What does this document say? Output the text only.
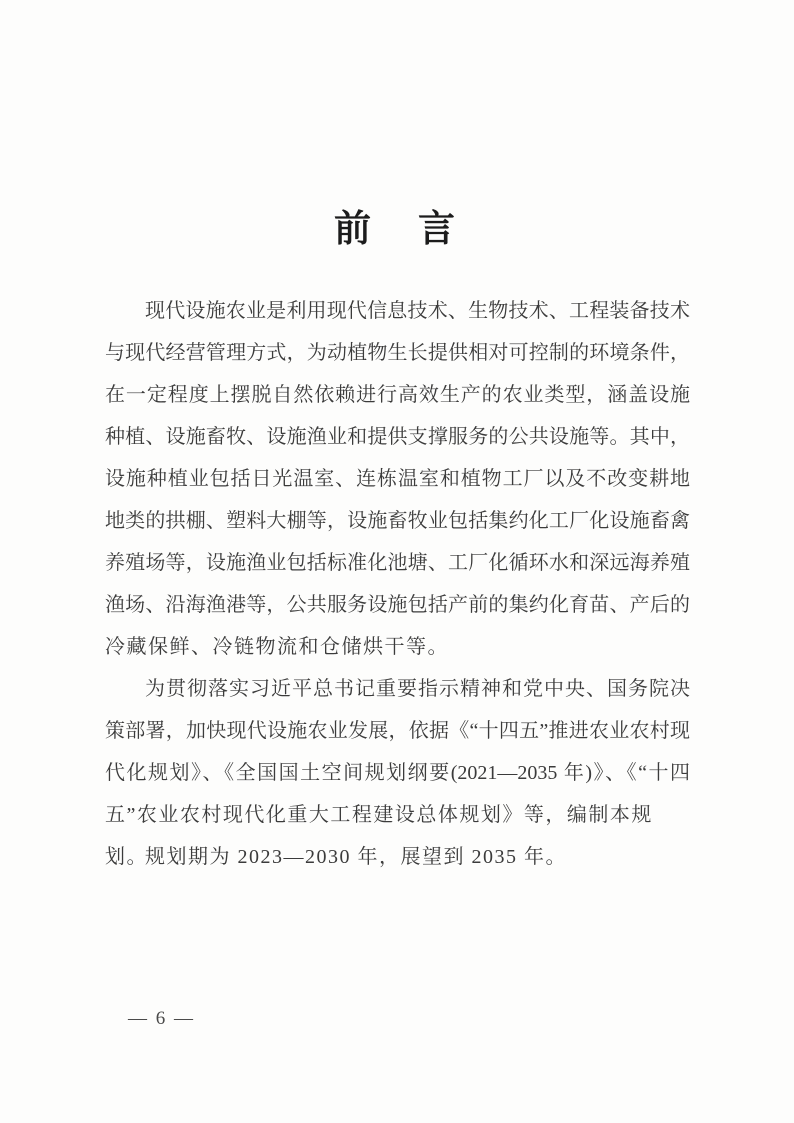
前　言
现代设施农业是利用现代信息技术、生物技术、工程装备技术
与现代经营管理方式，为动植物生长提供相对可控制的环境条件，
在一定程度上摆脱自然依赖进行高效生产的农业类型，涵盖设施
种植、设施畜牧、设施渔业和提供支撑服务的公共设施等。其中，
设施种植业包括日光温室、连栋温室和植物工厂以及不改变耕地
地类的拱棚、塑料大棚等，设施畜牧业包括集约化工厂化设施畜禽
养殖场等，设施渔业包括标准化池塘、工厂化循环水和深远海养殖
渔场、沿海渔港等，公共服务设施包括产前的集约化育苗、产后的
冷藏保鲜、冷链物流和仓储烘干等。
为贯彻落实习近平总书记重要指示精神和党中央、国务院决
策部署，加快现代设施农业发展，依据《“十四五”推进农业农村现
代化规划》、《全国国土空间规划纲要(2021—2035 年)》、《“十四
五”农业农村现代化重大工程建设总体规划》等，编制本规划。
规划期为 2023—2030 年，展望到 2035 年。
— 6 —
